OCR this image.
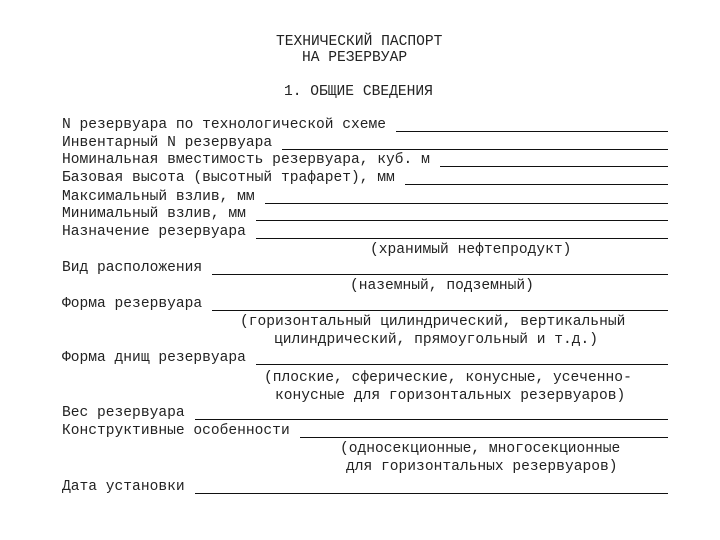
ТЕХНИЧЕСКИЙ ПАСПОРТ
НА РЕЗЕРВУАР
1. ОБЩИЕ СВЕДЕНИЯ
N резервуара по технологической схеме
Инвентарный N резервуара
Номинальная вместимость резервуара, куб. м
Базовая высота (высотный трафарет), мм
Максимальный взлив, мм
Минимальный взлив, мм
Назначение резервуара
(хранимый нефтепродукт)
Вид расположения
(наземный, подземный)
Форма резервуара
(горизонтальный цилиндрический, вертикальный
цилиндрический, прямоугольный и т.д.)
Форма днищ резервуара
(плоские, сферические, конусные, усеченно-
конусные для горизонтальных резервуаров)
Вес резервуара
Конструктивные особенности
(односекционные, многосекционные
для горизонтальных резервуаров)
Дата установки
